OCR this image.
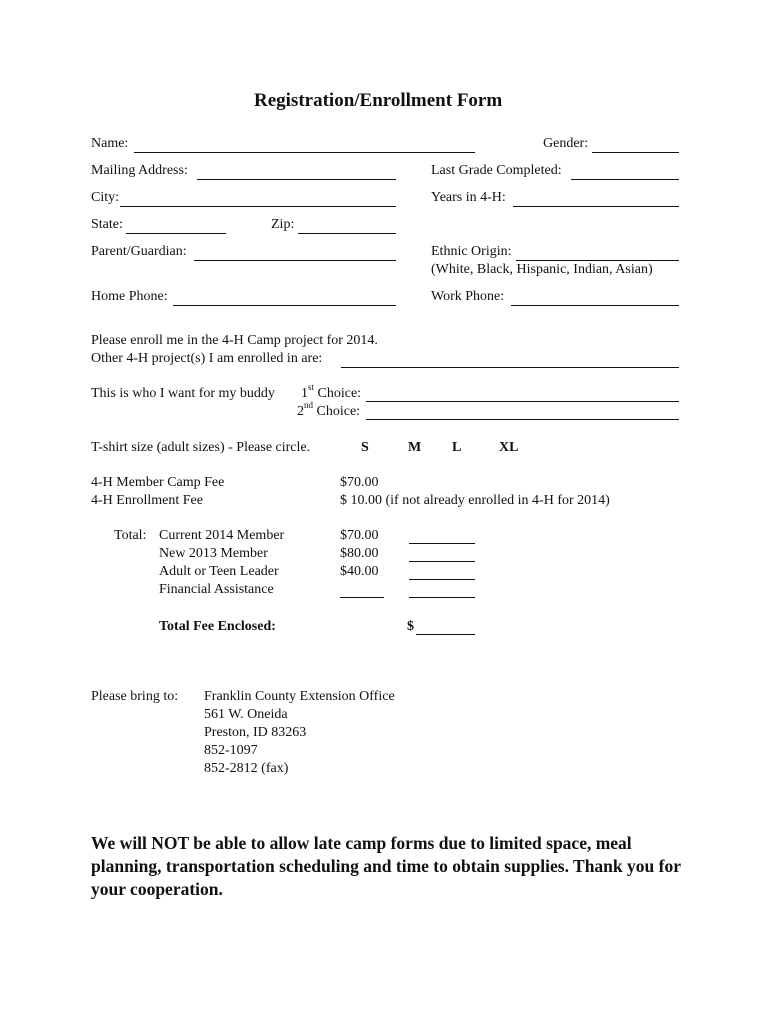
Registration/Enrollment Form
Name:	Gender:
Mailing Address:	Last Grade Completed:
City:	Years in 4-H:
State:	Zip:
Parent/Guardian:	Ethnic Origin:
(White, Black, Hispanic, Indian, Asian)
Home Phone:	Work Phone:
Please enroll me in the 4-H Camp project for 2014.
Other 4-H project(s) I am enrolled in are:
This is who I want for my buddy 1st Choice:
2nd Choice:
T-shirt size (adult sizes) - Please circle.	S	M L	XL
4-H Member Camp Fee	$70.00
4-H Enrollment Fee	$ 10.00 (if not already enrolled in 4-H for 2014)
Total: Current 2014 Member	$70.00
New 2013 Member	$80.00
Adult or Teen Leader	$40.00
Financial Assistance
Total Fee Enclosed:	$
Please bring to: Franklin County Extension Office
561 W. Oneida
Preston, ID 83263
852-1097
852-2812 (fax)
We will NOT be able to allow late camp forms due to limited space, meal planning, transportation scheduling and time to obtain supplies. Thank you for your cooperation.
